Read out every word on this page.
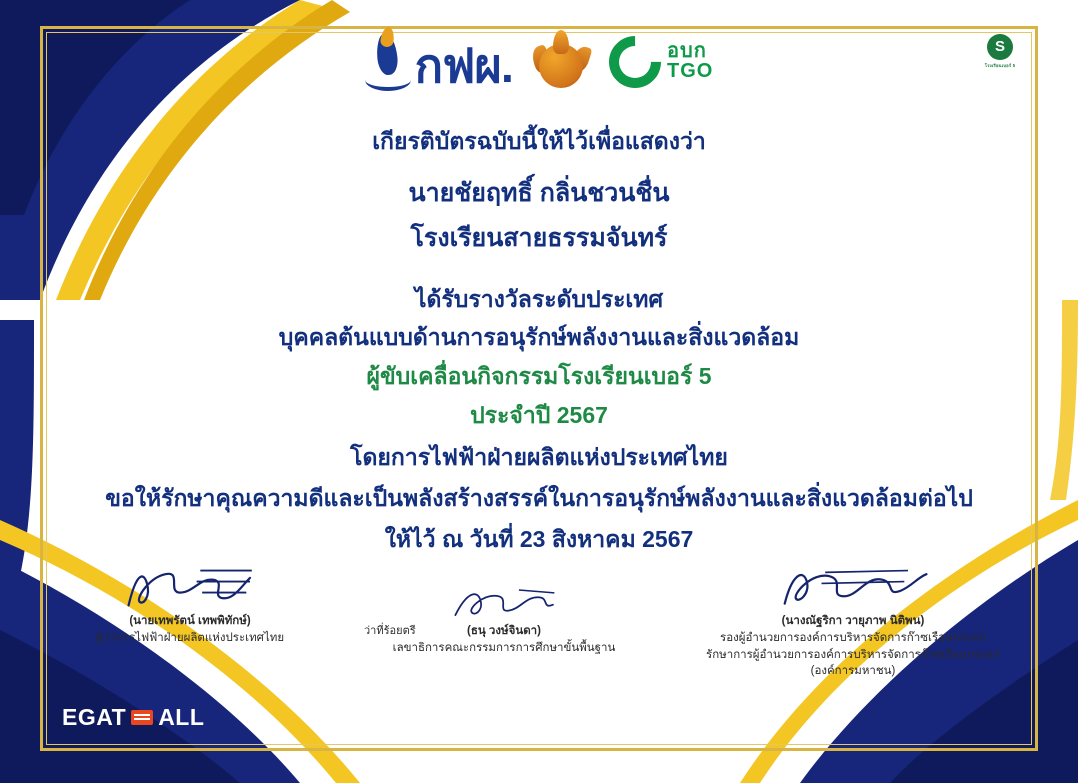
กฟผ.	อบก
TGO
S
โรงเรียนเบอร์ 5
เกียรติบัตรฉบับนี้ให้ไว้เพื่อแสดงว่า
นายชัยฤทธิ์ กลิ่นชวนชื่น
โรงเรียนสายธรรมจันทร์
ได้รับรางวัลระดับประเทศ
บุคคลต้นแบบด้านการอนุรักษ์พลังงานและสิ่งแวดล้อม
ผู้ขับเคลื่อนกิจกรรมโรงเรียนเบอร์ 5
ประจำปี 2567
โดยการไฟฟ้าฝ่ายผลิตแห่งประเทศไทย
ขอให้รักษาคุณความดีและเป็นพลังสร้างสรรค์ในการอนุรักษ์พลังงานและสิ่งแวดล้อมต่อไป
ให้ไว้ ณ วันที่ 23 สิงหาคม 2567
(นายเทพรัตน์ เทพพิทักษ์)
ผู้ว่าการไฟฟ้าฝ่ายผลิตแห่งประเทศไทย
ว่าที่ร้อยตรี	(ธนุ วงษ์จินดา)
เลขาธิการคณะกรรมการการศึกษาขั้นพื้นฐาน
(นางณัฐริกา วายุภาพ นิติพน)
รองผู้อำนวยการองค์การบริหารจัดการก๊าซเรือนกระจก
รักษาการผู้อำนวยการองค์การบริหารจัดการก๊าซเรือนกระจก
(องค์การมหาชน)
EGAT ALL
